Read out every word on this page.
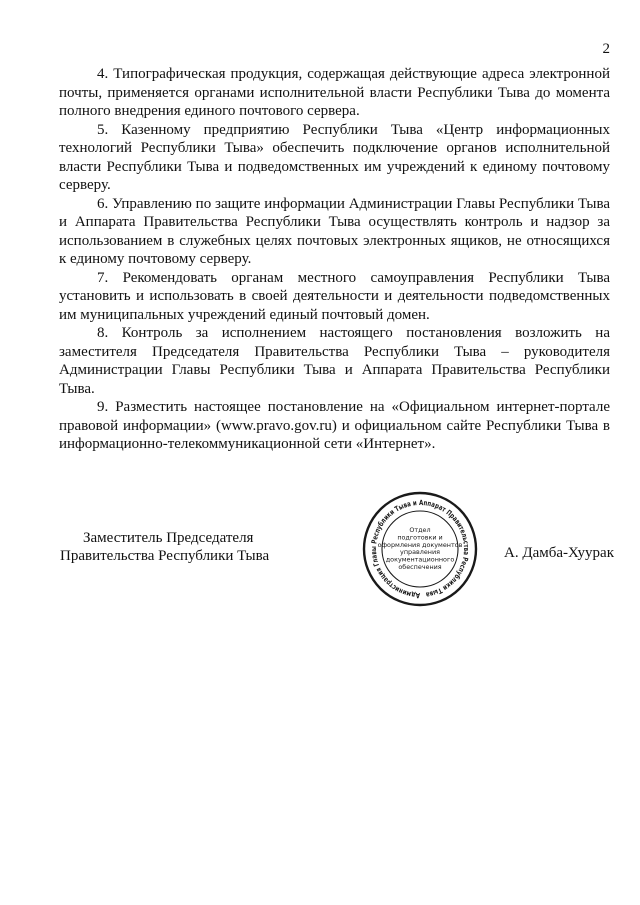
2

4. Типографическая продукция, содержащая действующие адреса электронной почты, применяется органами исполнительной власти Республики Тыва до момента полного внедрения единого почтового сервера.

5. Казенному предприятию Республики Тыва «Центр информационных технологий Республики Тыва» обеспечить подключение органов исполнительной власти Республики Тыва и подведомственных им учреждений к единому почтовому серверу.

6. Управлению по защите информации Администрации Главы Республики Тыва и Аппарата Правительства Республики Тыва осуществлять контроль и надзор за использованием в служебных целях почтовых электронных ящиков, не относящихся к единому почтовому серверу.

7. Рекомендовать органам местного самоуправления Республики Тыва установить и использовать в своей деятельности и деятельности подведомственных им муниципальных учреждений единый почтовый домен.

8. Контроль за исполнением настоящего постановления возложить на заместителя Председателя Правительства Республики Тыва – руководителя Администрации Главы Республики Тыва и Аппарата Правительства Республики Тыва.

9. Разместить настоящее постановление на «Официальном интернет-портале правовой информации» (www.pravo.gov.ru) и официальном сайте Республики Тыва в информационно-телекоммуникационной сети «Интернет».

Заместитель Председателя
Правительства Республики Тыва
Администрация Главы Республики Тыва и Аппарат Правительства Республики Тыва
Отдел
подготовки и
оформления документов
управления
документационного
обеспечения
А. Дамба-Хуурак
